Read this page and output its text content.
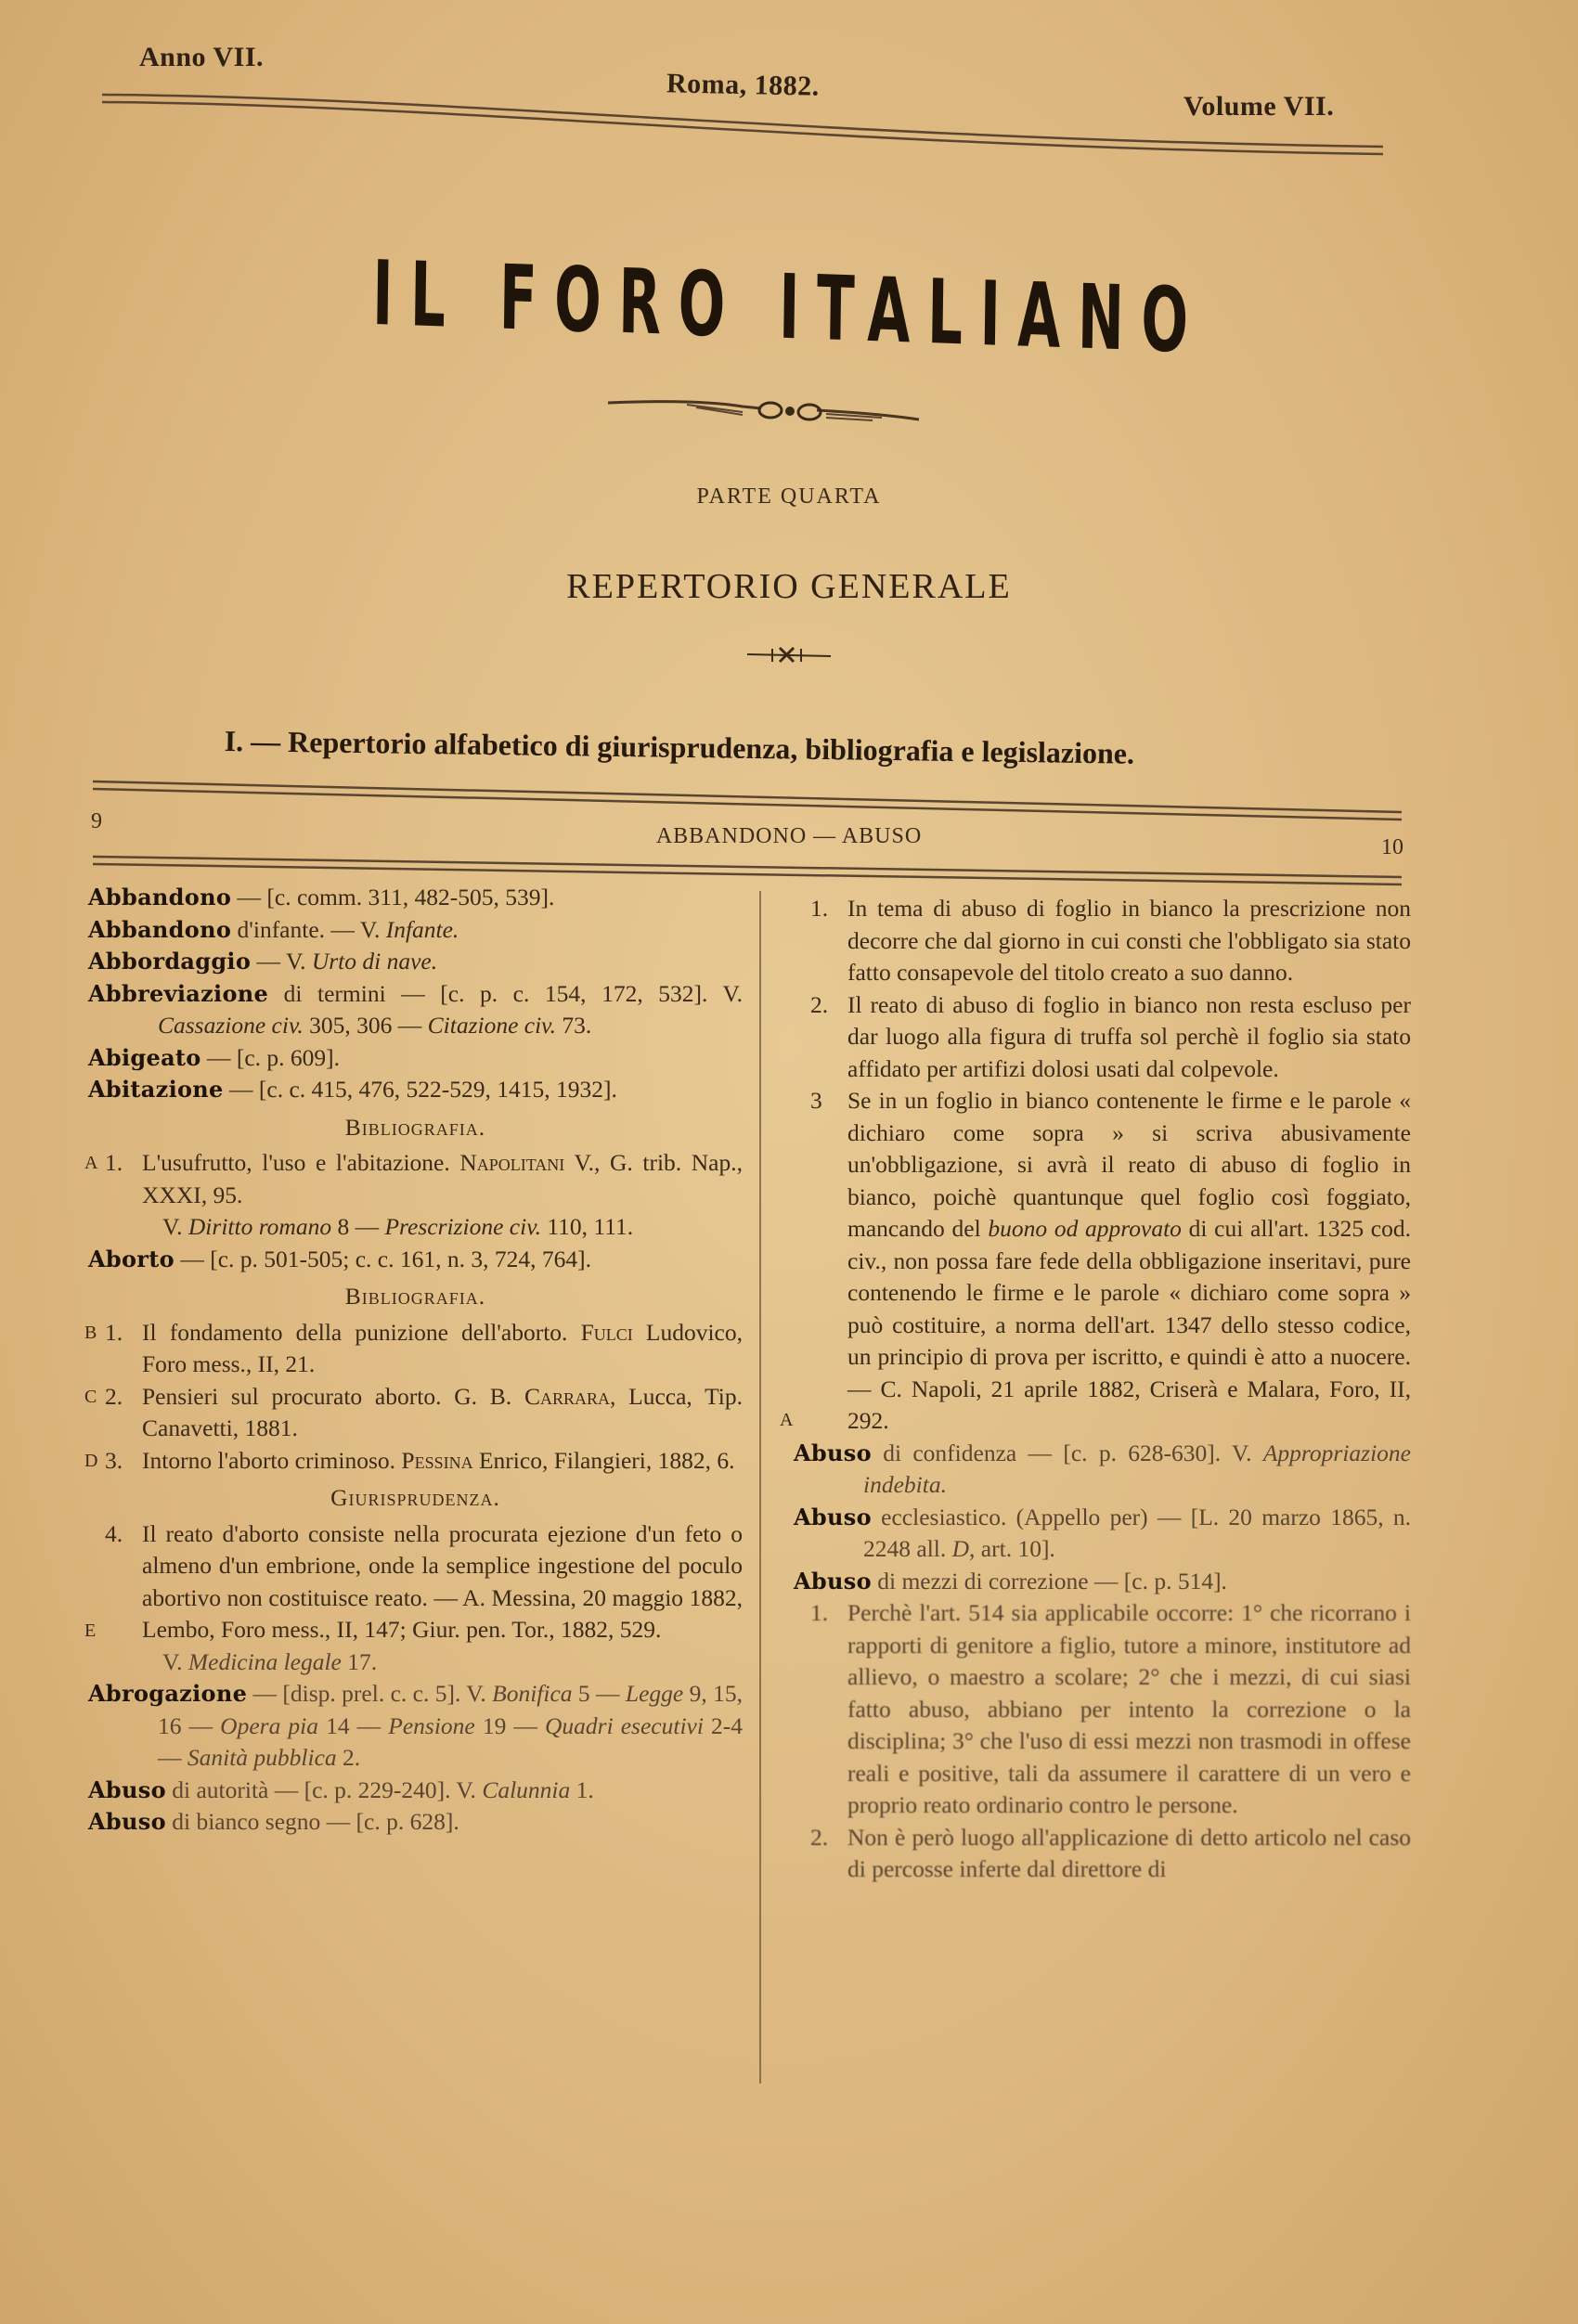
Anno VII.
Roma, 1882.
Volume VII.
IL FORO ITALIANO
PARTE QUARTA
REPERTORIO GENERALE
I. — Repertorio alfabetico di giurisprudenza, bibliografia e legislazione.
9
ABBANDONO — ABUSO	10
Abbandono — [c. comm. 311, 482-505, 539].
Abbandono d'infante. — V. Infante.
Abbordaggio — V. Urto di nave.
Abbreviazione di termini — [c. p. c. 154, 172, 532]. V. Cassazione civ. 305, 306 — Citazione civ. 73.
Abigeato — [c. p. 609].
Abitazione — [c. c. 415, 476, 522-529, 1415, 1932].
Bibliografia.
A 1. L'usufrutto, l'uso e l'abitazione. Napolitani V., G. trib. Nap., XXXI, 95.
V. Diritto romano 8 — Prescrizione civ. 110, 111.
Aborto — [c. p. 501-505; c. c. 161, n. 3, 724, 764].
Bibliografia.
B 1. Il fondamento della punizione dell'aborto. Fulci Ludovico, Foro mess., II, 21.
C 2. Pensieri sul procurato aborto. G. B. Carrara, Lucca, Tip. Canavetti, 1881.
D 3. Intorno l'aborto criminoso. Pessina Enrico, Filangieri, 1882, 6.
Giurisprudenza.
E
4. Il reato d'aborto consiste nella procurata ejezione d'un feto o almeno d'un embrione, onde la semplice ingestione del poculo abortivo non costituisce reato. — A. Messina, 20 maggio 1882, Lembo, Foro mess., II, 147; Giur. pen. Tor., 1882, 529.
V. Medicina legale 17.
Abrogazione — [disp. prel. c. c. 5]. V. Bonifica 5 — Legge 9, 15, 16 — Opera pia 14 — Pensione 19 — Quadri esecutivi 2-4 — Sanità pubblica 2.
Abuso di autorità — [c. p. 229-240]. V. Calunnia 1.
Abuso di bianco segno — [c. p. 628].
1. In tema di abuso di foglio in bianco la prescrizione non decorre che dal giorno in cui consti che l'obbligato sia stato fatto consapevole del titolo creato a suo danno.
2. Il reato di abuso di foglio in bianco non resta escluso per dar luogo alla figura di truffa sol perchè il foglio sia stato affidato per artifizi dolosi usati dal colpevole.
A
3 Se in un foglio in bianco contenente le firme e le parole « dichiaro come sopra » si scriva abusivamente un'obbligazione, si avrà il reato di abuso di foglio in bianco, poichè quantunque quel foglio così foggiato, mancando del buono od approvato di cui all'art. 1325 cod. civ., non possa fare fede della obbligazione inseritavi, pure contenendo le firme e le parole « dichiaro come sopra » può costituire, a norma dell'art. 1347 dello stesso codice, un principio di prova per iscritto, e quindi è atto a nuocere. — C. Napoli, 21 aprile 1882, Criserà e Malara, Foro, II, 292.
Abuso di confidenza — [c. p. 628-630]. V. Appropriazione indebita.
Abuso ecclesiastico. (Appello per) — [L. 20 marzo 1865, n. 2248 all. D, art. 10].
Abuso di mezzi di correzione — [c. p. 514].
1. Perchè l'art. 514 sia applicabile occorre: 1° che ricorrano i rapporti di genitore a figlio, tutore a minore, institutore ad allievo, o maestro a scolare; 2° che i mezzi, di cui siasi fatto abuso, abbiano per intento la correzione o la disciplina; 3° che l'uso di essi mezzi non trasmodi in offese reali e positive, tali da assumere il carattere di un vero e proprio reato ordinario contro le persone.
2. Non è però luogo all'applicazione di detto articolo nel caso di percosse inferte dal direttore di
